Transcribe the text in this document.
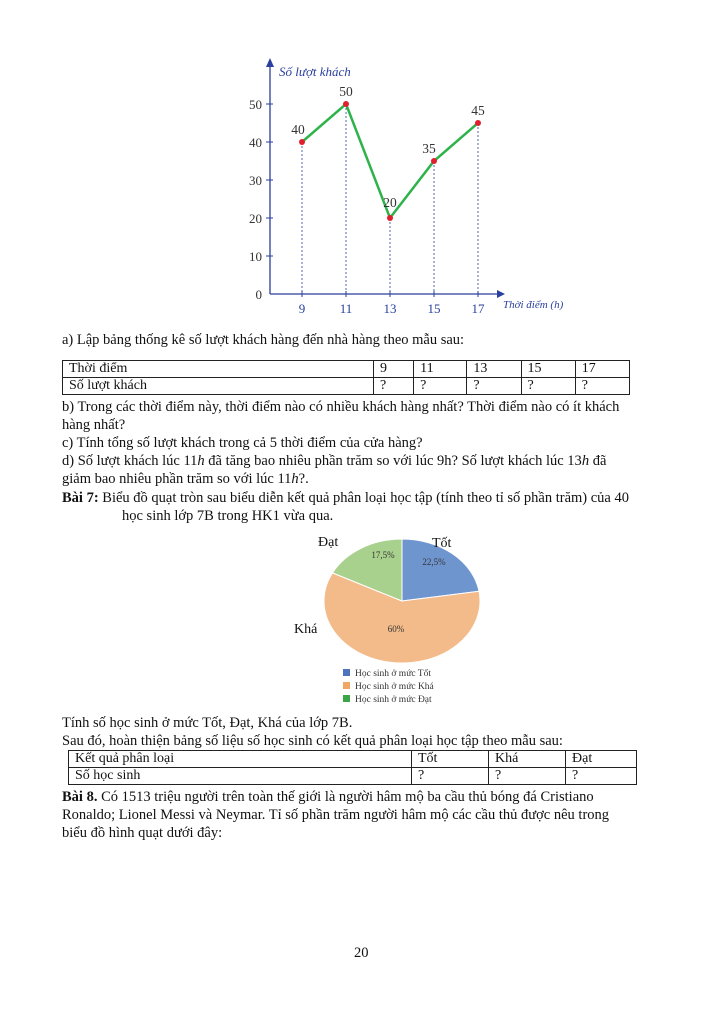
0
10
20
30
40
50
9	11 13 15 17
40
50
20
35
45
Số lượt khách
Thời điểm (h)

a) Lập bảng thống kê số lượt khách hàng đến nhà hàng theo mẫu sau:

Thời điểm	9	11	13	15	17
Số lượt khách	?	?	?	?	?

b) Trong các thời điểm này, thời điểm nào có nhiều khách hàng nhất? Thời điểm nào có ít khách

hàng nhất?

c) Tính tổng số lượt khách trong cả 5 thời điểm của cửa hàng?

d) Số lượt khách lúc 11h đã tăng bao nhiêu phần trăm so với lúc 9h? Số lượt khách lúc 13h đã

giảm bao nhiêu phần trăm so với lúc 11h?.

Bài 7: Biểu đồ quạt tròn sau biểu diễn kết quả phân loại học tập (tính theo tỉ số phần trăm) của 40

học sinh lớp 7B trong HK1 vừa qua.

22,5%
60%
17,5%
Học sinh ở mức Tốt
Học sinh ở mức Khá
Học sinh ở mức Đạt
Tốt
Đạt
Khá

Tính số học sinh ở mức Tốt, Đạt, Khá của lớp 7B.

Sau đó, hoàn thiện bảng số liệu số học sinh có kết quả phân loại học tập theo mẫu sau:

Kết quả phân loại	Tốt	Khá	Đạt
Số học sinh	?	?	?

Bài 8. Có 1513 triệu người trên toàn thế giới là người hâm mộ ba cầu thủ bóng đá Cristiano

Ronaldo; Lionel Messi và Neymar. Tỉ số phần trăm người hâm mộ các cầu thủ được nêu trong

biểu đồ hình quạt dưới đây:

20
